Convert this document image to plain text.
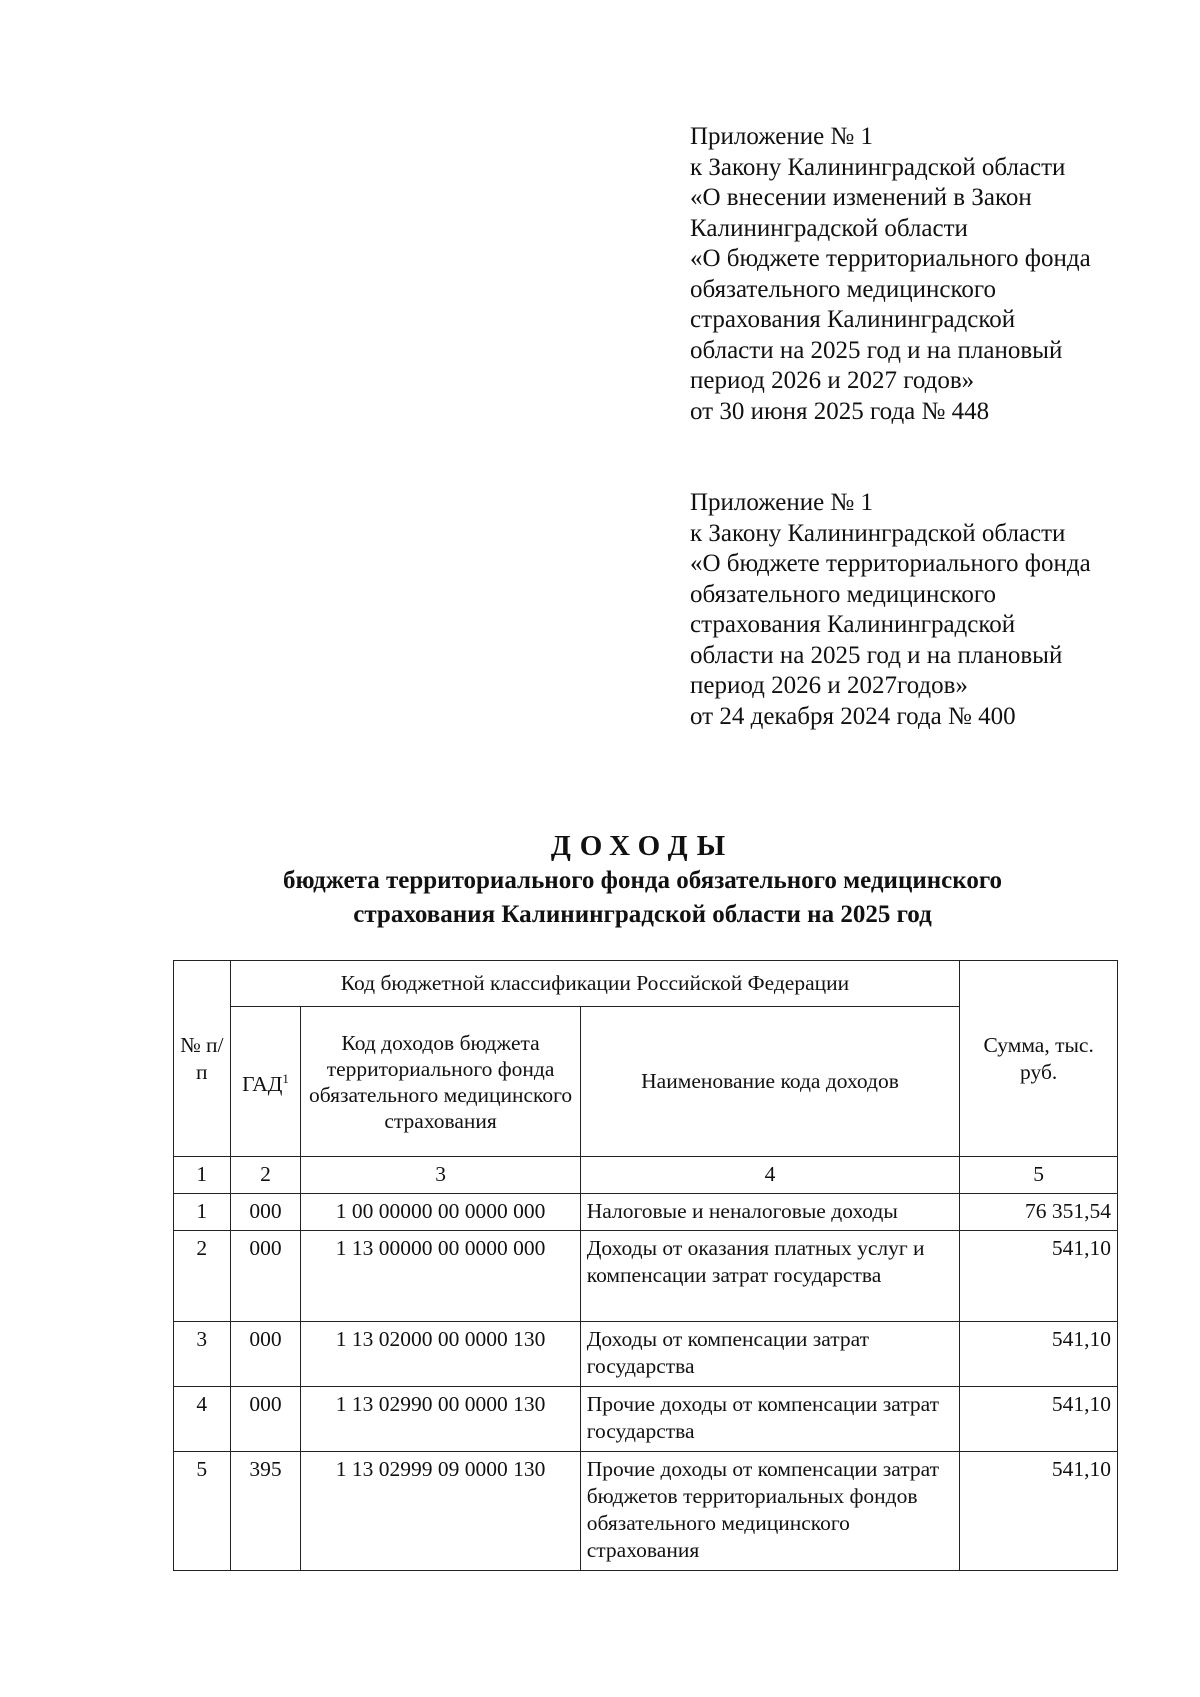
Приложение № 1

к Закону Калининградской области

«О внесении изменений в Закон

Калининградской области

«О бюджете территориального фонда

обязательного медицинского

страхования Калининградской

области на 2025 год и на плановый

период 2026 и 2027 годов»

от 30 июня 2025 года № 448

Приложение № 1

к Закону Калининградской области

«О бюджете территориального фонда

обязательного медицинского

страхования Калининградской

области на 2025 год и на плановый

период 2026 и 2027годов»

от 24 декабря 2024 года № 400

ДОХОДЫ

бюджета территориального фонда обязательного медицинского

страхования Калининградской области на 2025 год

№ п/п	Код бюджетной классификации Российской Федерации			Сумма, тыс. руб.
	ГАД$^1$	Код доходов бюджета территориального фонда обязательного медицинского страхования	Наименование кода доходов	
1	2	3	4	5
1	000	1 00 00000 00 0000 000	Налоговые и неналоговые доходы	76 351,54
2	000	1 13 00000 00 0000 000	Доходы от оказания платных услуг и компенсации затрат государства	541,10
3	000	1 13 02000 00 0000 130	Доходы от компенсации затрат государства	541,10
4	000	1 13 02990 00 0000 130	Прочие доходы от компенсации затрат государства	541,10
5	395	1 13 02999 09 0000 130	Прочие доходы от компенсации затрат бюджетов территориальных фондов обязательного медицинского страхования	541,10
